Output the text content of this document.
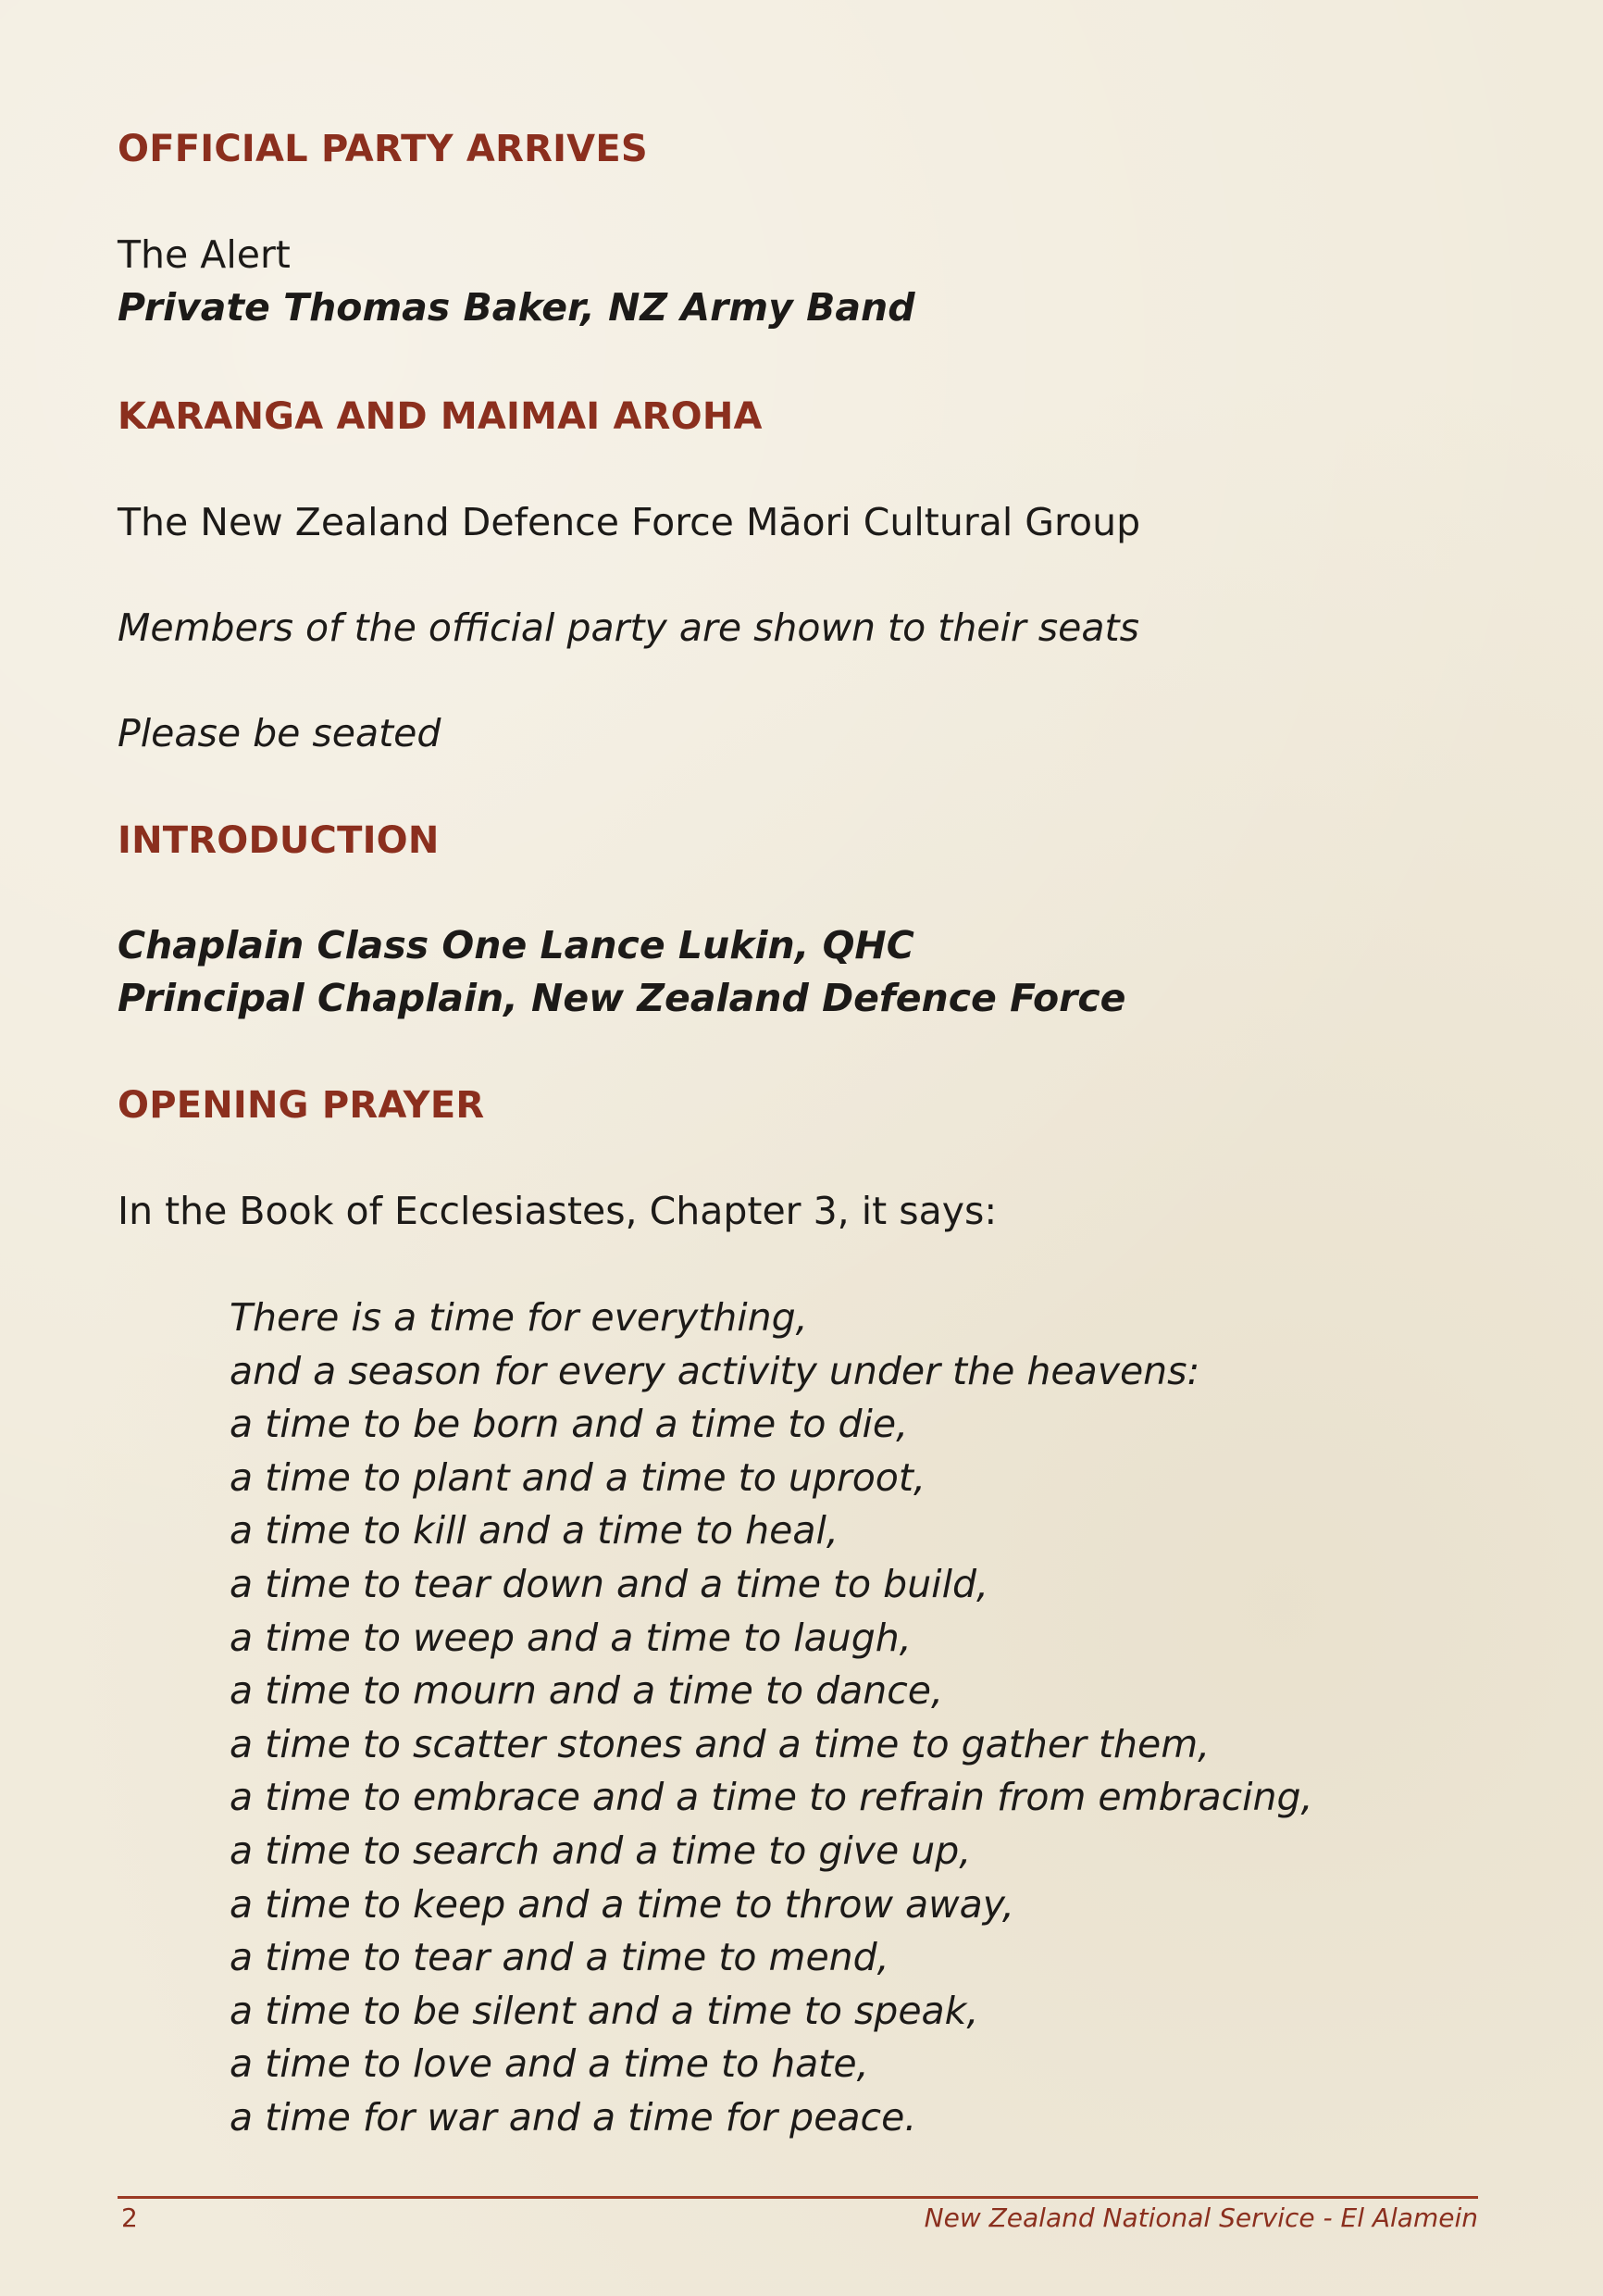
OFFICIAL PARTY ARRIVES

The Alert

Private Thomas Baker, NZ Army Band

KARANGA AND MAIMAI AROHA

The New Zealand Defence Force Māori Cultural Group

Members of the official party are shown to their seats

Please be seated

INTRODUCTION

Chaplain Class One Lance Lukin, QHC

Principal Chaplain, New Zealand Defence Force

OPENING PRAYER

In the Book of Ecclesiastes, Chapter 3, it says:

There is a time for everything,
and a season for every activity under the heavens:
a time to be born and a time to die,
a time to plant and a time to uproot,
a time to kill and a time to heal,
a time to tear down and a time to build,
a time to weep and a time to laugh,
a time to mourn and a time to dance,
a time to scatter stones and a time to gather them,
a time to embrace and a time to refrain from embracing,
a time to search and a time to give up,
a time to keep and a time to throw away,
a time to tear and a time to mend,
a time to be silent and a time to speak,
a time to love and a time to hate,
a time for war and a time for peace.

2	New Zealand National Service - El Alamein
